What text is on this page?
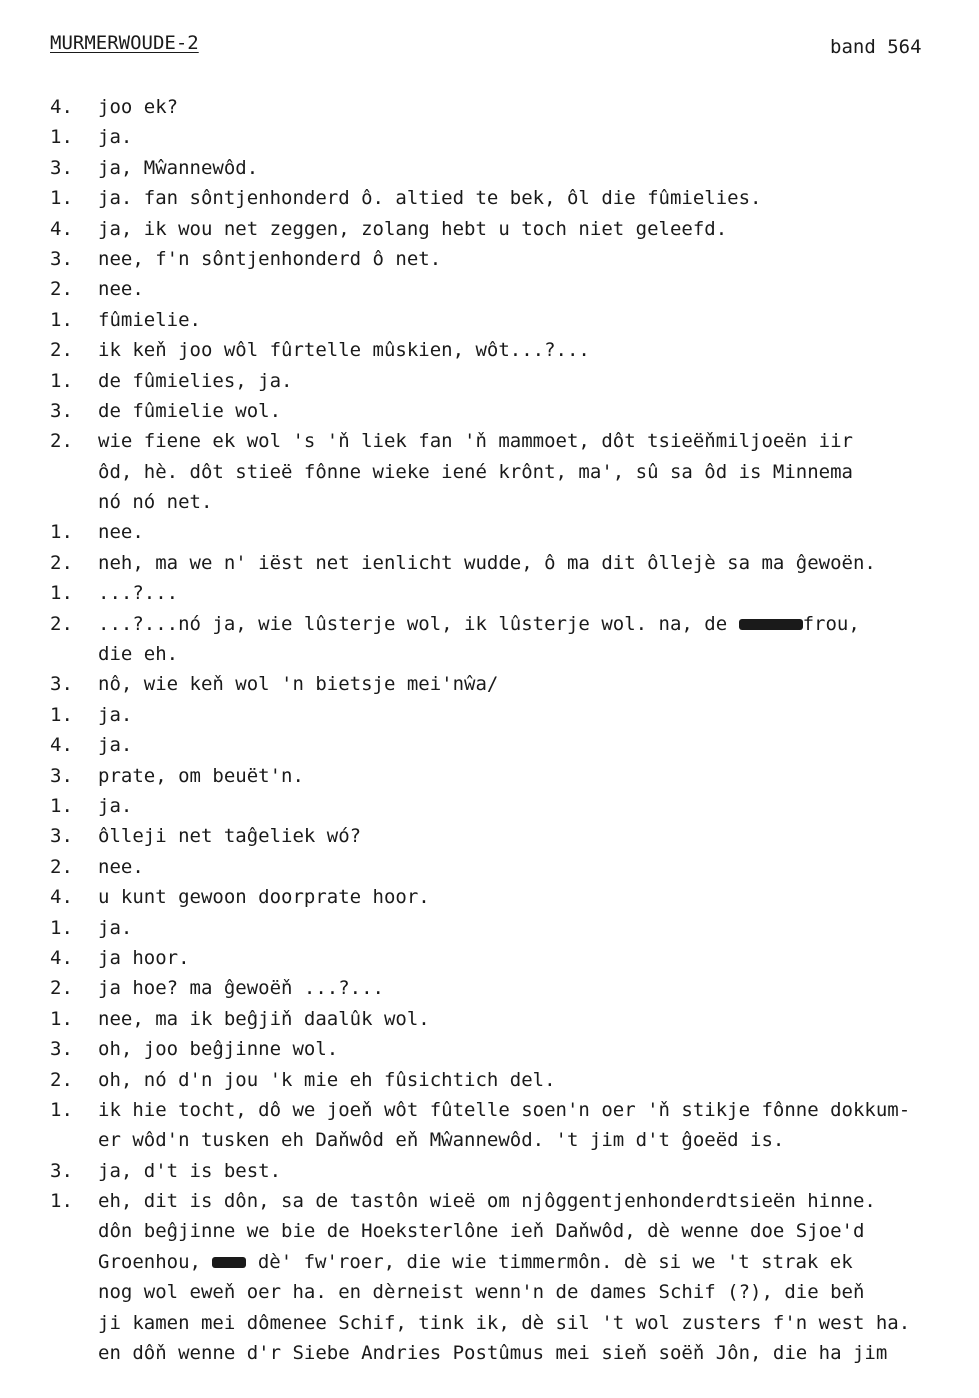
MURMERWOUDE-2	band 564
4. joo ek?
1. ja.
3. ja, Mŵannewôd.
1. ja. fan sôntjenhonderd ô. altied te bek, ôl die fûmielies.
4. ja, ik wou net zeggen, zolang hebt u toch niet geleefd.
3. nee, f'n sôntjenhonderd ô net.
2. nee.
1. fûmielie.
2. ik keň joo wôl fûrtelle mûskien, wôt...?...
1. de fûmielies, ja.
3. de fûmielie wol.
2. wie fiene ek wol 's 'ň liek fan 'ň mammoet, dôt tsieëňmiljoeën iir
ôd, hè. dôt stieë fônne wieke iené krônt, ma', sû sa ôd is Minnema
nó nó net.
1. nee.
2. neh, ma we n' iëst net ienlicht wudde, ô ma dit ôllejè sa ma ĝewoën.
1. ...?...
2. ...?...nó ja, wie lûsterje wol, ik lûsterje wol. na, de	frou,
die eh.
3. nô, wie keň wol 'n bietsje mei'nŵa/
1. ja.
4. ja.
3. prate, om beuët'n.
1. ja.
3. ôlleji net taĝeliek wó?
2. nee.
4. u kunt gewoon doorprate hoor.
1. ja.
4. ja hoor.
2. ja hoe? ma ĝewoëň ...?...
1. nee, ma ik beĝjiň daalûk wol.
3. oh, joo beĝjinne wol.
2. oh, nó d'n jou 'k mie eh fûsichtich del.
1. ik hie tocht, dô we joeň wôt fûtelle soen'n oer 'ň stikje fônne dokkum-
er wôd'n tusken eh Daňwôd eň Mŵannewôd. 't jim d't ĝoeëd is.
3. ja, d't is best.
1. eh, dit is dôn, sa de tastôn wieë om njôggentjenhonderdtsieën hinne.
dôn beĝjinne we bie de Hoeksterlône ieň Daňwôd, dè wenne doe Sjoe'd
Groenhou,  dè' fw'roer, die wie timmermôn. dè si we 't strak ek
nog wol eweň oer ha. en dèrneist wenn'n de dames Schif (?), die beň
ji kamen mei dômenee Schif, tink ik, dè sil 't wol zusters f'n west ha.
en dôň wenne d'r Siebe Andries Postûmus mei sieň soëň Jôn, die ha jim
